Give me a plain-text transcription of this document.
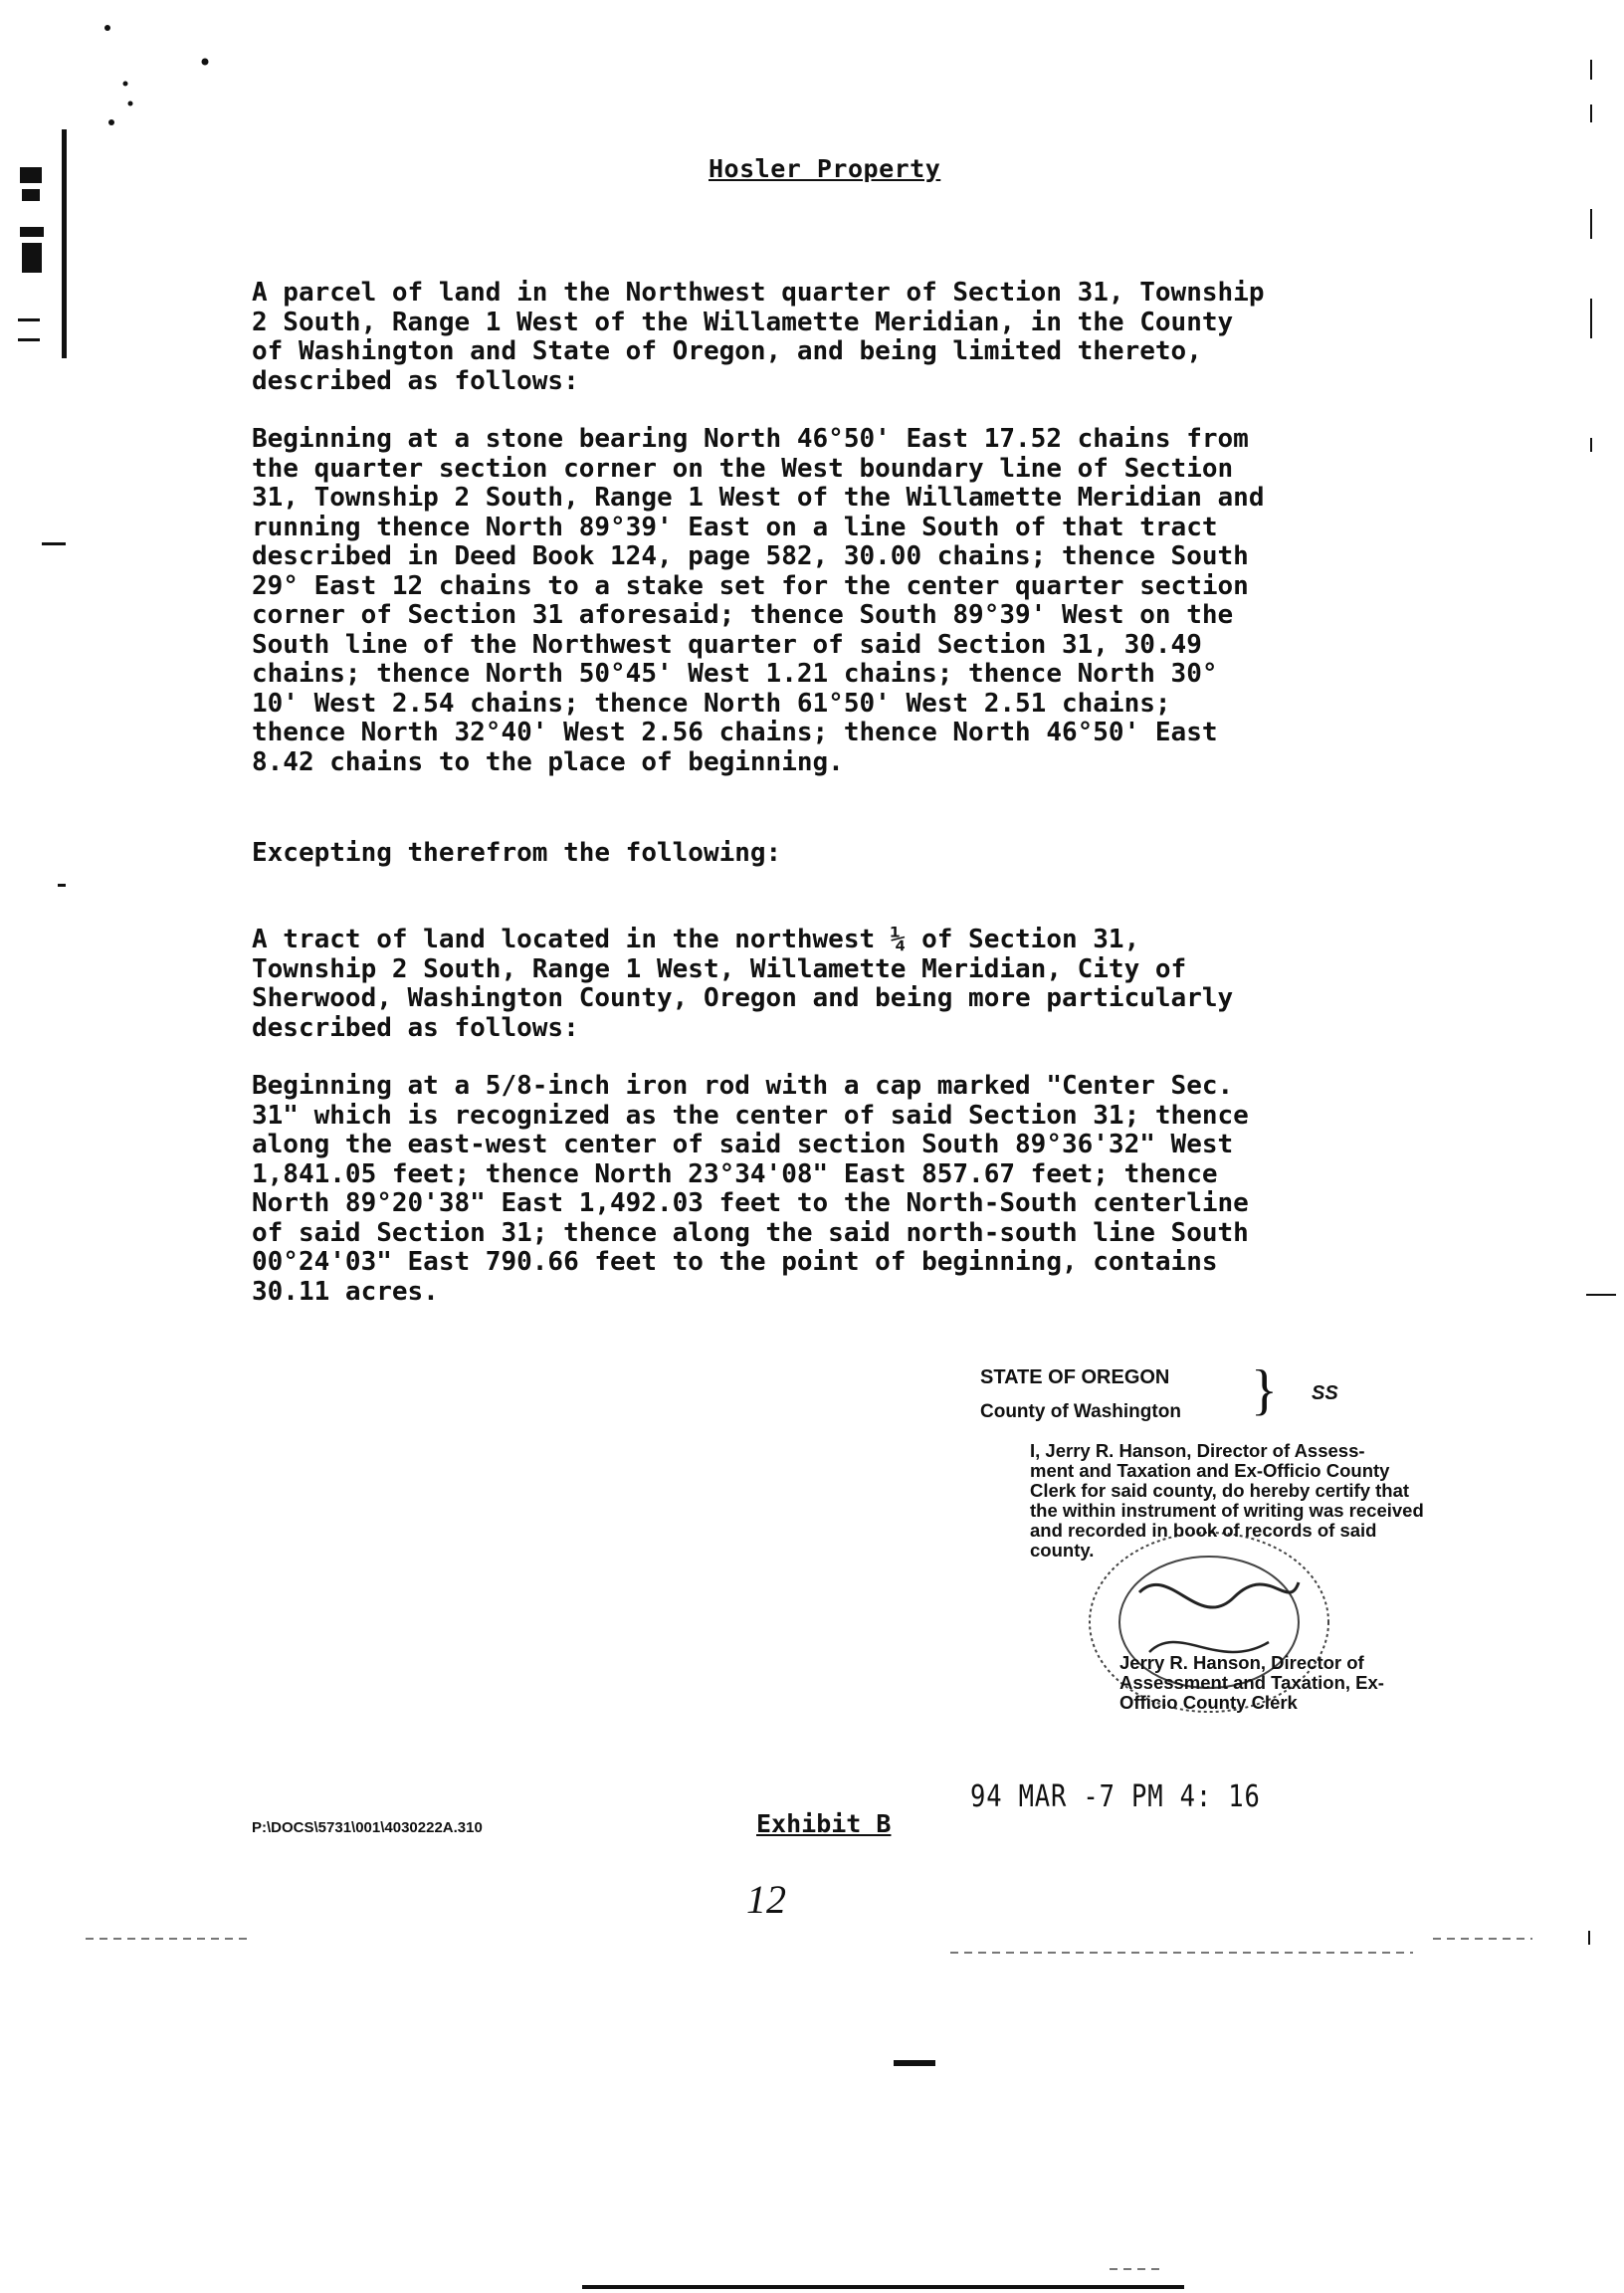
Hosler Property
A parcel of land in the Northwest quarter of Section 31, Township
2 South, Range 1 West of the Willamette Meridian, in the County
of Washington and State of Oregon, and being limited thereto,
described as follows:
Beginning at a stone bearing North 46°50' East 17.52 chains from
the quarter section corner on the West boundary line of Section
31, Township 2 South, Range 1 West of the Willamette Meridian and
running thence North 89°39' East on a line South of that tract
described in Deed Book 124, page 582, 30.00 chains; thence South
29° East 12 chains to a stake set for the center quarter section
corner of Section 31 aforesaid; thence South 89°39' West on the
South line of the Northwest quarter of said Section 31, 30.49
chains; thence North 50°45' West 1.21 chains; thence North 30°
10' West 2.54 chains; thence North 61°50' West 2.51 chains;
thence North 32°40' West 2.56 chains; thence North 46°50' East
8.42 chains to the place of beginning.
Excepting therefrom the following:
A tract of land located in the northwest ¼ of Section 31,
Township 2 South, Range 1 West, Willamette Meridian, City of
Sherwood, Washington County, Oregon and being more particularly
described as follows:
Beginning at a 5/8-inch iron rod with a cap marked "Center Sec.
31" which is recognized as the center of said Section 31; thence
along the east-west center of said section South 89°36'32" West
1,841.05 feet; thence North 23°34'08" East 857.67 feet; thence
North 89°20'38" East 1,492.03 feet to the North-South centerline
of said Section 31; thence along the said north-south line South
00°24'03" East 790.66 feet to the point of beginning, contains
30.11 acres.
STATE OF OREGON
County of Washington } SS
I, Jerry R. Hanson, Director of Assess-
ment and Taxation and Ex-Officio County
Clerk for said county, do hereby certify that
the within instrument of writing was received
and recorded in book of records of said
county.
Jerry R. Hanson, Director of
Assessment and Taxation, Ex-
Officio County Clerk
94 MAR -7 PM 4: 16
P:\DOCS\5731\001\4030222A.310	Exhibit B
12
